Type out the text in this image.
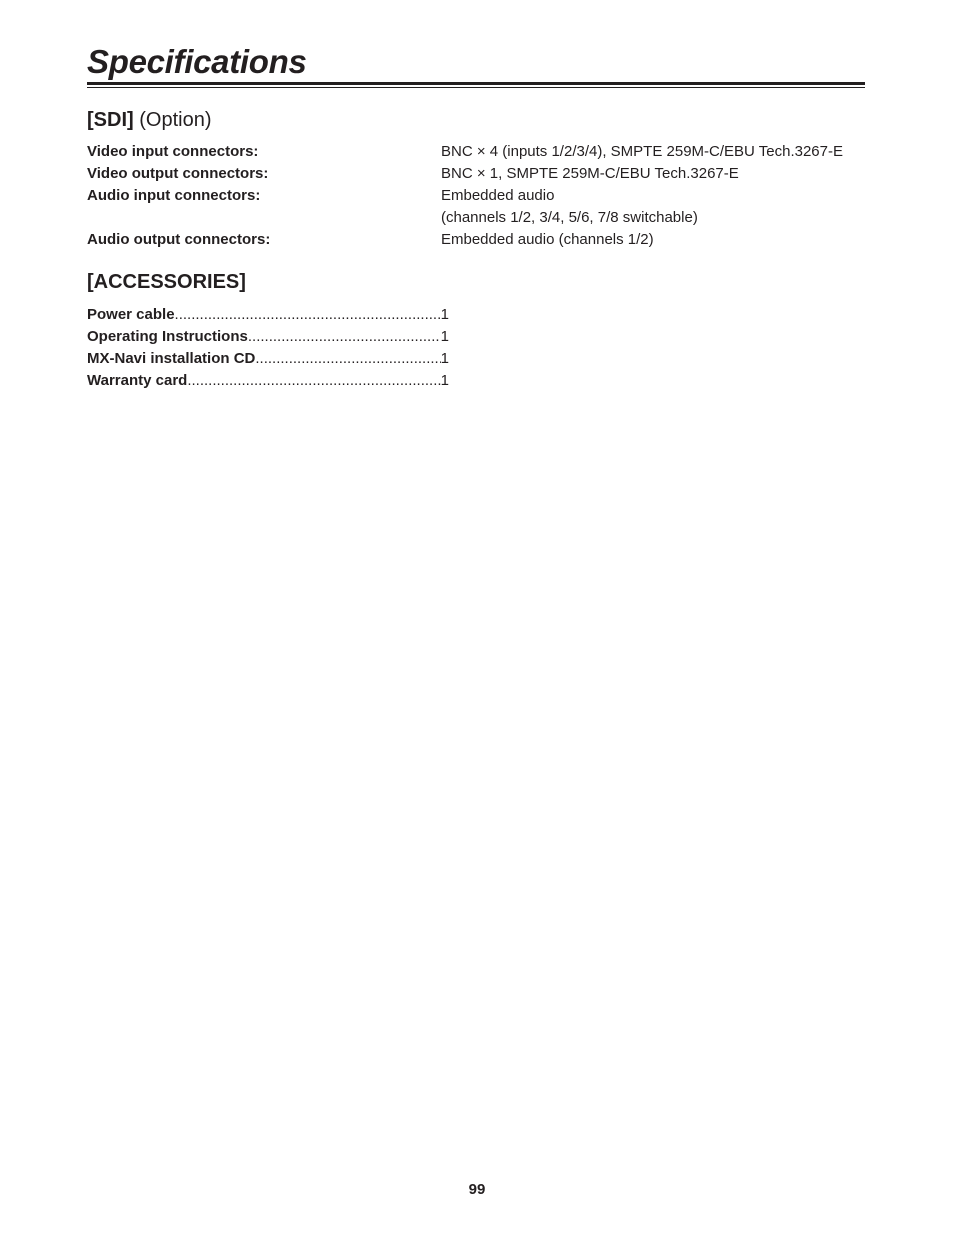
Specifications
[SDI] (Option)
Video input connectors:	BNC × 4 (inputs 1/2/3/4), SMPTE 259M-C/EBU Tech.3267-E
Video output connectors:	BNC × 1, SMPTE 259M-C/EBU Tech.3267-E
Audio input connectors:	Embedded audio
(channels 1/2, 3/4, 5/6, 7/8 switchable)
Audio output connectors:	Embedded audio (channels 1/2)
[ACCESSORIES]
Power cable .....	1
Operating Instructions .....	1
MX-Navi installation CD .....	1
Warranty card .....	1
99
